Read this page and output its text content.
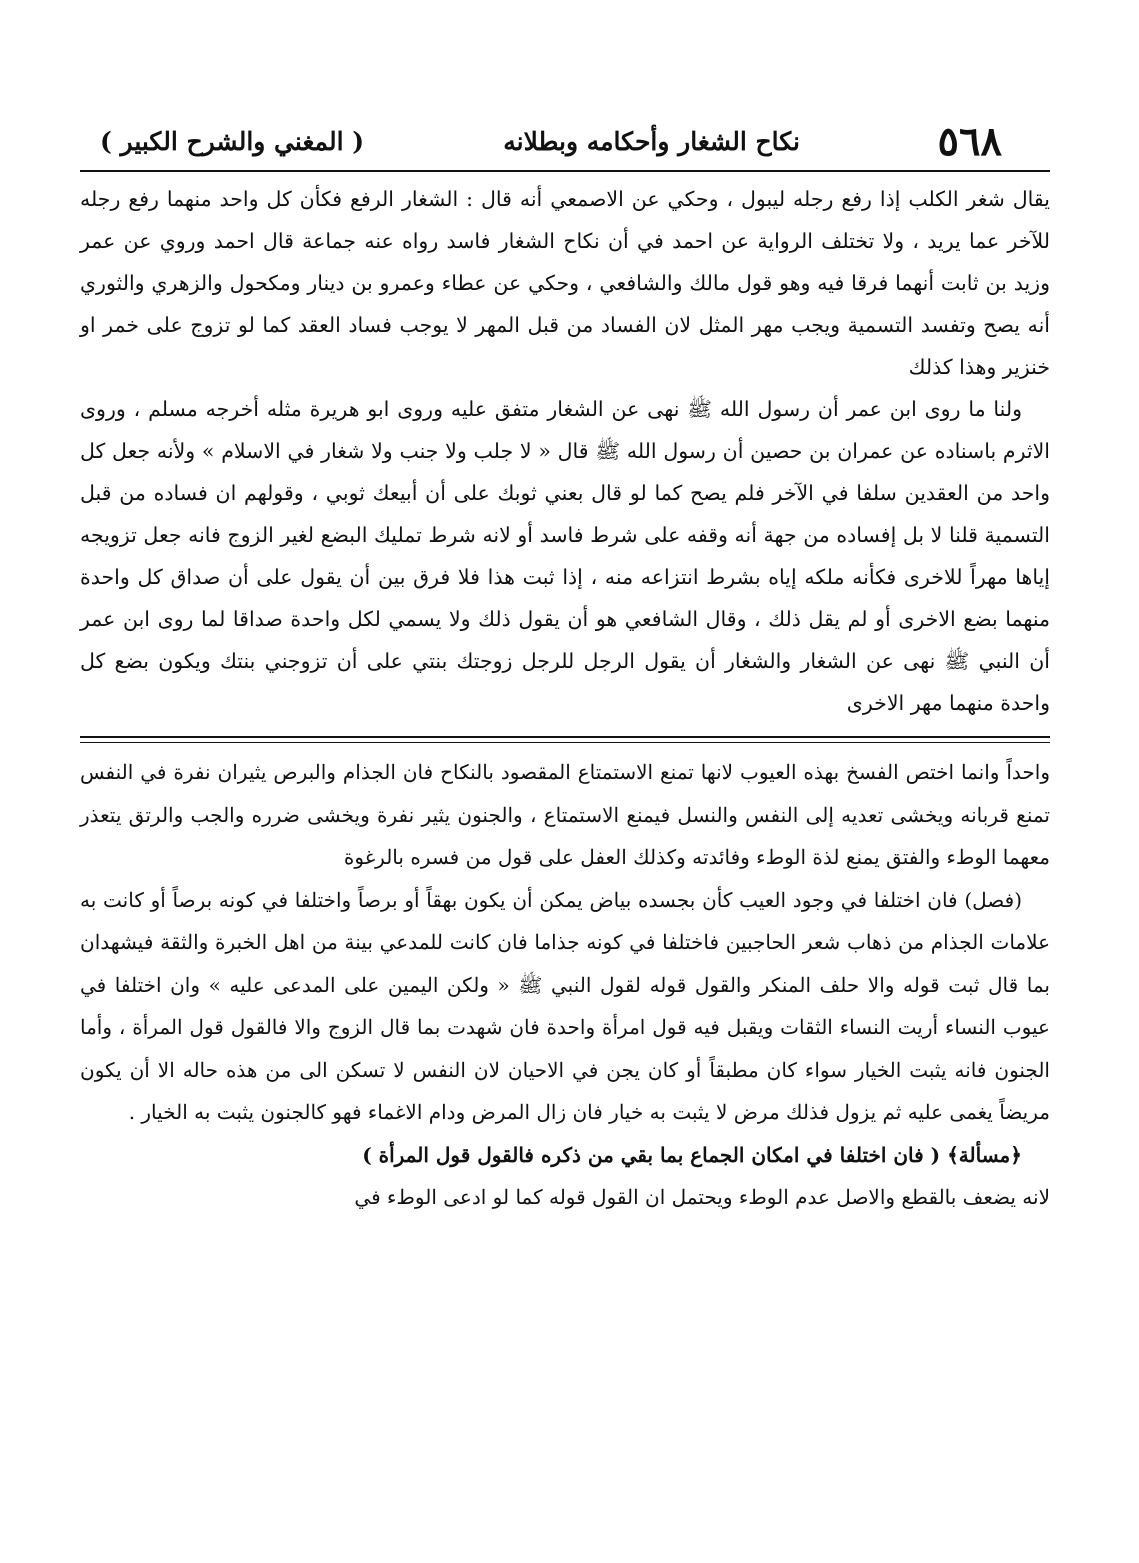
٥٦٨
نكاح الشغار وأحكامه وبطلانه
( المغني والشرح الكبير )

يقال شغر الكلب إذا رفع رجله ليبول ، وحكي عن الاصمعي أنه قال : الشغار الرفع فكأن كل واحد منهما رفع رجله للآخر عما يريد ، ولا تختلف الرواية عن احمد في أن نكاح الشغار فاسد رواه عنه جماعة قال احمد وروي عن عمر وزيد بن ثابت أنهما فرقا فيه وهو قول مالك والشافعي ، وحكي عن عطاء وعمرو بن دينار ومكحول والزهري والثوري أنه يصح وتفسد التسمية ويجب مهر المثل لان الفساد من قبل المهر لا يوجب فساد العقد كما لو تزوج على خمر او خنزير وهذا كذلك

ولنا ما روى ابن عمر أن رسول الله ﷺ نهى عن الشغار متفق عليه وروى ابو هريرة مثله أخرجه مسلم ، وروى الاثرم باسناده عن عمران بن حصين أن رسول الله ﷺ قال « لا جلب ولا جنب ولا شغار في الاسلام » ولأنه جعل كل واحد من العقدين سلفا في الآخر فلم يصح كما لو قال بعني ثوبك على أن أبيعك ثوبي ، وقولهم ان فساده من قبل التسمية قلنا لا بل إفساده من جهة أنه وقفه على شرط فاسد أو لانه شرط تمليك البضع لغير الزوج فانه جعل تزويجه إياها مهراً للاخرى فكأنه ملكه إياه بشرط انتزاعه منه ، إذا ثبت هذا فلا فرق بين أن يقول على أن صداق كل واحدة منهما بضع الاخرى أو لم يقل ذلك ، وقال الشافعي هو أن يقول ذلك ولا يسمي لكل واحدة صداقا لما روى ابن عمر أن النبي ﷺ نهى عن الشغار والشغار أن يقول الرجل للرجل زوجتك بنتي على أن تزوجني بنتك ويكون بضع كل واحدة منهما مهر الاخرى

واحداً وانما اختص الفسخ بهذه العيوب لانها تمنع الاستمتاع المقصود بالنكاح فان الجذام والبرص يثيران نفرة في النفس تمنع قربانه ويخشى تعديه إلى النفس والنسل فيمنع الاستمتاع ، والجنون يثير نفرة ويخشى ضرره والجب والرتق يتعذر معهما الوطء والفتق يمنع لذة الوطء وفائدته وكذلك العفل على قول من فسره بالرغوة

(فصل) فان اختلفا في وجود العيب كأن بجسده بياض يمكن أن يكون بهقاً أو برصاً واختلفا في كونه برصاً أو كانت به علامات الجذام من ذهاب شعر الحاجبين فاختلفا في كونه جذاما فان كانت للمدعي بينة من اهل الخبرة والثقة فيشهدان بما قال ثبت قوله والا حلف المنكر والقول قوله لقول النبي ﷺ « ولكن اليمين على المدعى عليه » وان اختلفا في عيوب النساء أريت النساء الثقات ويقبل فيه قول امرأة واحدة فان شهدت بما قال الزوج والا فالقول قول المرأة ، وأما الجنون فانه يثبت الخيار سواء كان مطبقاً أو كان يجن في الاحيان لان النفس لا تسكن الى من هذه حاله الا أن يكون مريضاً يغمى عليه ثم يزول فذلك مرض لا يثبت به خيار فان زال المرض ودام الاغماء فهو كالجنون يثبت به الخيار .

﴿مسألة﴾ ( فان اختلفا في امكان الجماع بما بقي من ذكره فالقول قول المرأة )

لانه يضعف بالقطع والاصل عدم الوطء ويحتمل ان القول قوله كما لو ادعى الوطء في
